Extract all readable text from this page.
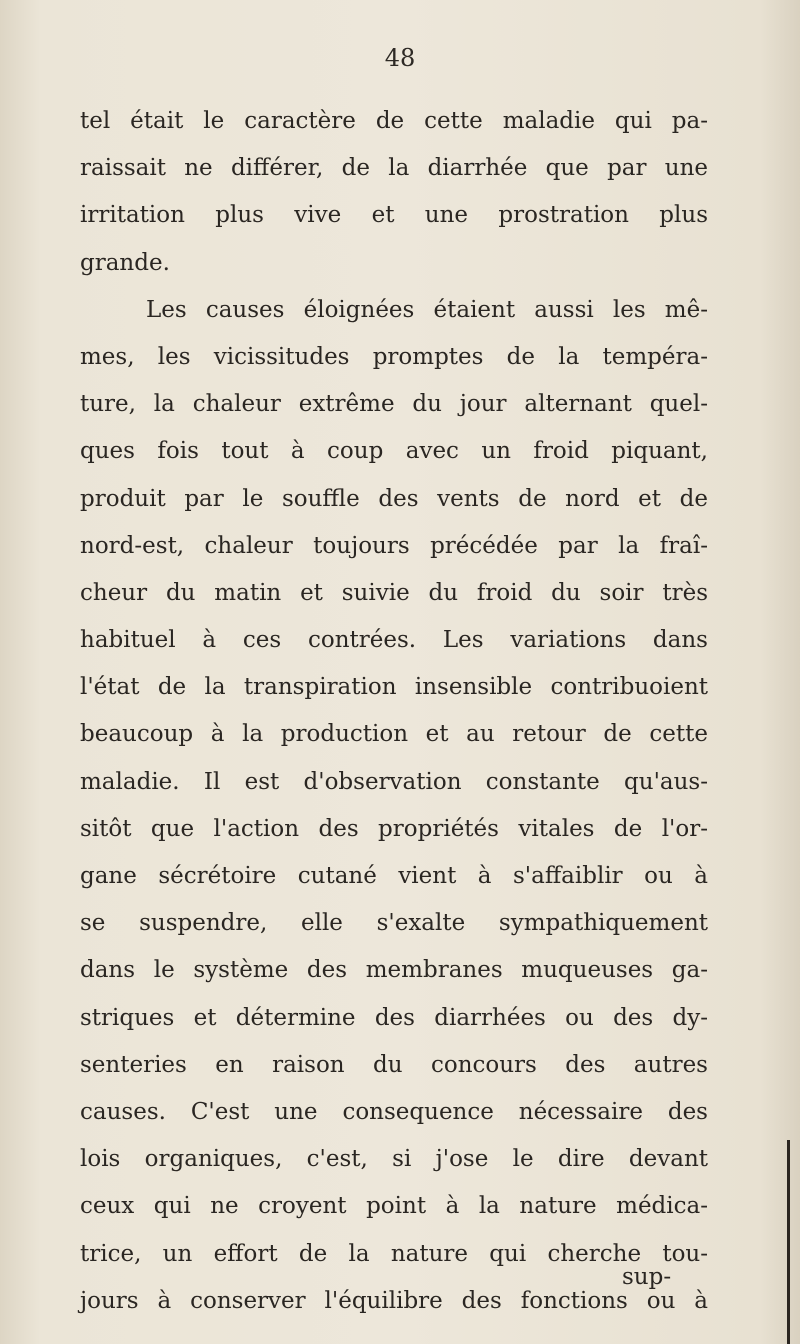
48
tel était le caractère de cette maladie qui pa-
raissait ne différer, de la diarrhée que par une
irritation plus vive et une prostration plus
grande.
Les causes éloignées étaient aussi les mê-
mes, les vicissitudes promptes de la tempéra-
ture, la chaleur extrême du jour alternant quel-
ques fois tout à coup avec un froid piquant,
produit par le souffle des vents de nord et de
nord-est, chaleur toujours précédée par la fraî-
cheur du matin et suivie du froid du soir très
habituel à ces contrées. Les variations dans
l'état de la transpiration insensible contribuoient
beaucoup à la production et au retour de cette
maladie. Il est d'observation constante qu'aus-
sitôt que l'action des propriétés vitales de l'or-
gane sécrétoire cutané vient à s'affaiblir ou à
se suspendre, elle s'exalte sympathiquement
dans le système des membranes muqueuses ga-
striques et détermine des diarrhées ou des dy-
senteries en raison du concours des autres
causes. C'est une consequence nécessaire des
lois organiques, c'est, si j'ose le dire devant
ceux qui ne croyent point à la nature médica-
trice, un effort de la nature qui cherche tou-
jours à conserver l'équilibre des fonctions ou à
sup-
